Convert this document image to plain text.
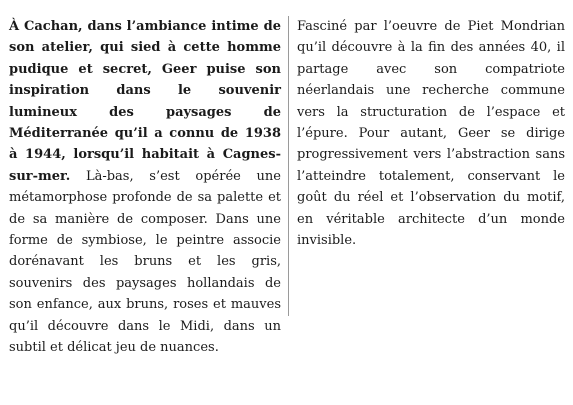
À Cachan, dans l’ambiance intime de son atelier, qui sied à cette homme pudique et secret, Geer puise son inspiration dans le souvenir lumineux des paysages de Méditerranée qu’il a connu de 1938 à 1944, lorsqu’il habitait à Cagnes-sur-mer. Là-bas, s’est opérée une métamorphose profonde de sa palette et de sa manière de composer. Dans une forme de symbiose, le peintre associe dorénavant les bruns et les gris, souvenirs des paysages hollandais de son enfance, aux bruns, roses et mauves qu’il découvre dans le Midi, dans un subtil et délicat jeu de nuances.

Fasciné par l’oeuvre de Piet Mondrian qu’il découvre à la fin des années 40, il partage avec son compatriote néerlandais une recherche commune vers la structuration de l’espace et l’épure. Pour autant, Geer se dirige progressivement vers l’abstraction sans l’atteindre totalement, conservant le goût du réel et l’observation du motif, en véritable architecte d’un monde invisible.
